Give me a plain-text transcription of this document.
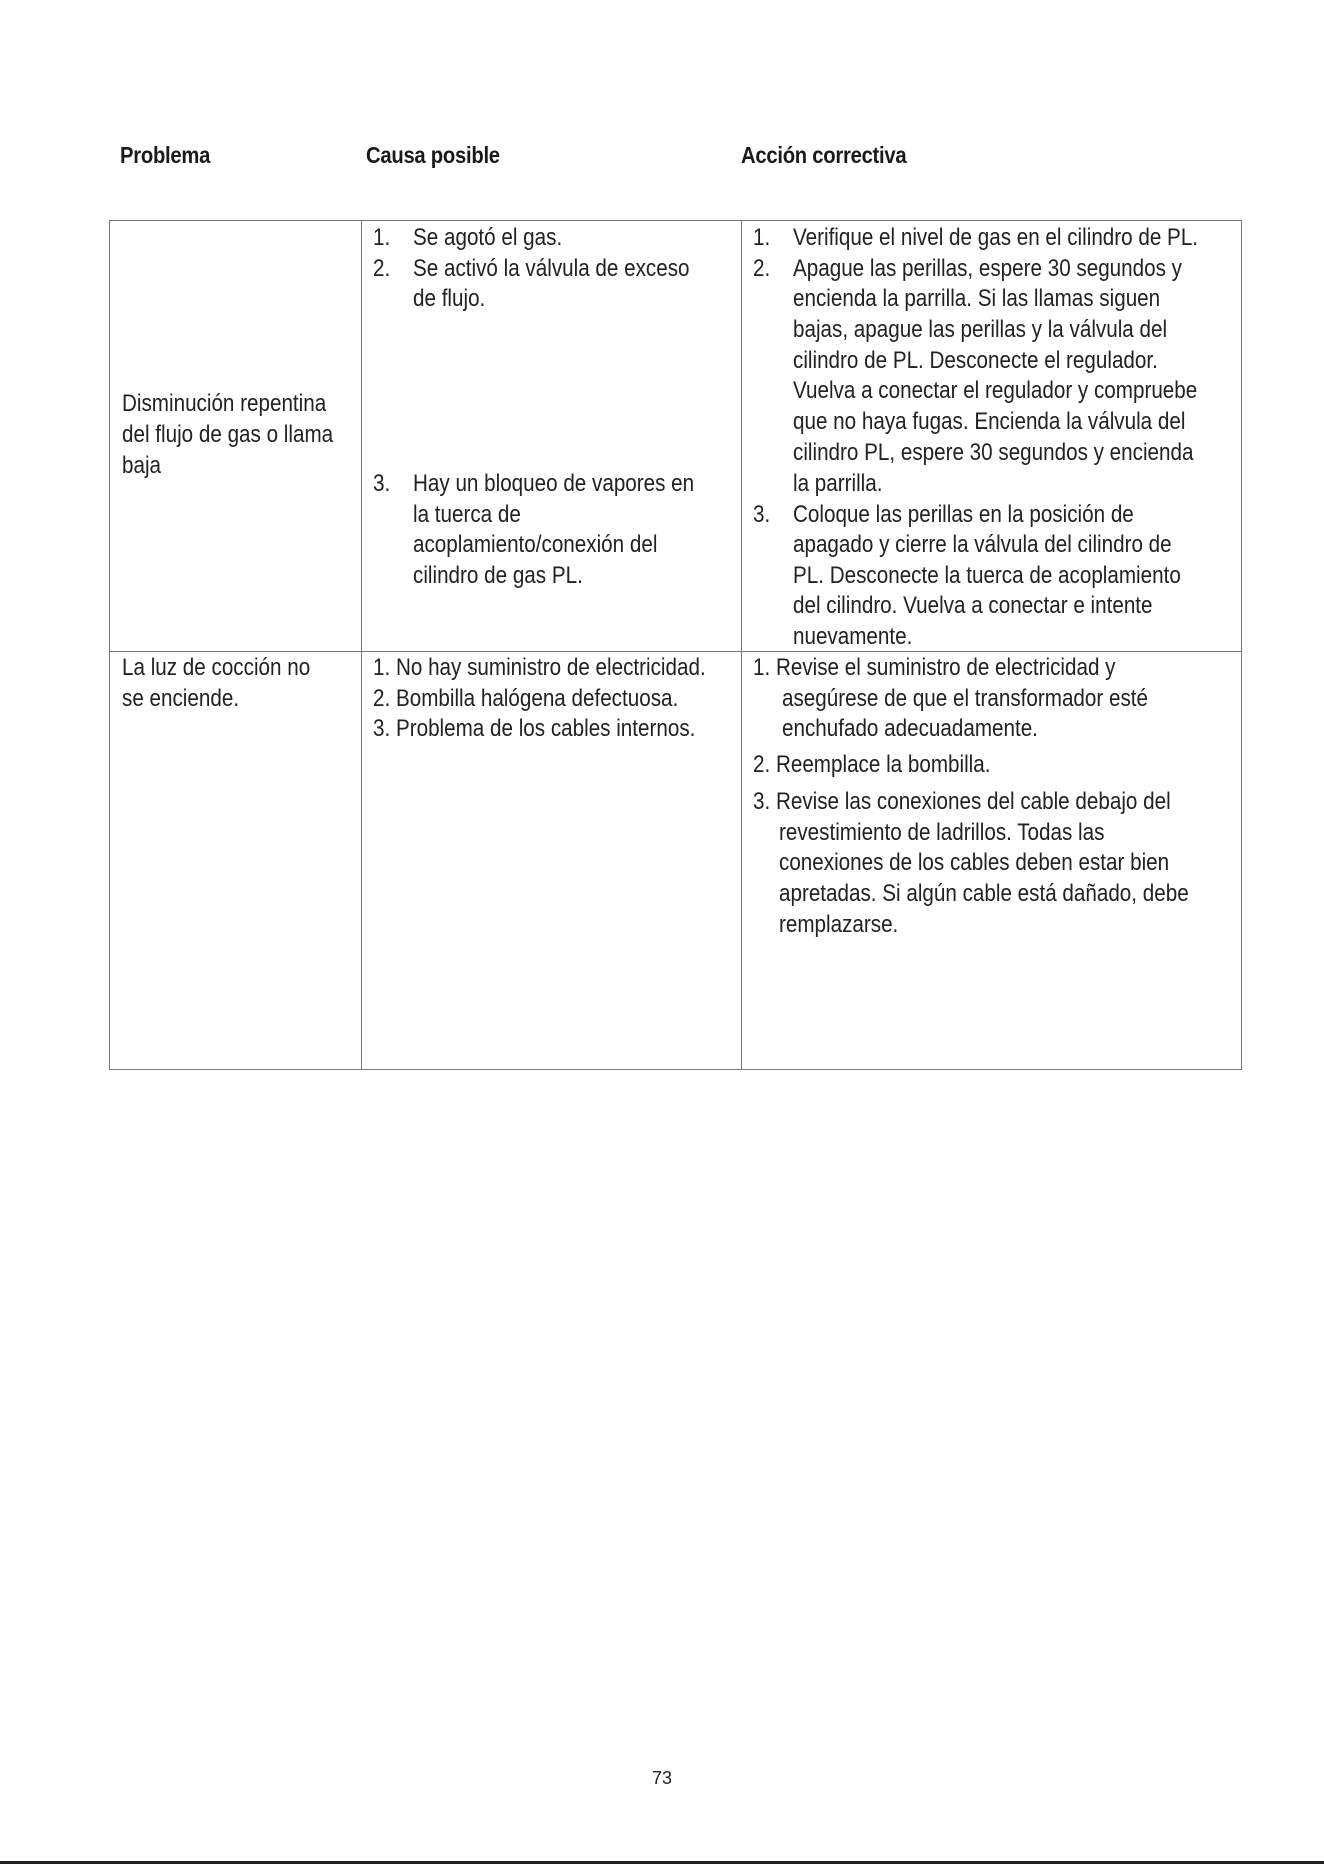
Problema	Causa posible	Acción correctiva
Disminución repentina
del flujo de gas o llama
baja
1. Se agotó el gas.
2. Se activó la válvula de exceso
de flujo.
3. Hay un bloqueo de vapores en
la tuerca de
acoplamiento/conexión del
cilindro de gas PL.
1. Verifique el nivel de gas en el cilindro de PL.
2. Apague las perillas, espere 30 segundos y
encienda la parrilla. Si las llamas siguen
bajas, apague las perillas y la válvula del
cilindro de PL. Desconecte el regulador.
Vuelva a conectar el regulador y compruebe
que no haya fugas. Encienda la válvula del
cilindro PL, espere 30 segundos y encienda
la parrilla.
3. Coloque las perillas en la posición de
apagado y cierre la válvula del cilindro de
PL. Desconecte la tuerca de acoplamiento
del cilindro. Vuelva a conectar e intente
nuevamente.
La luz de cocción no
se enciende.
1. No hay suministro de electricidad.
2. Bombilla halógena defectuosa.
3. Problema de los cables internos.
1. Revise el suministro de electricidad y
asegúrese de que el transformador esté
enchufado adecuadamente.
2. Reemplace la bombilla.
3. Revise las conexiones del cable debajo del
revestimiento de ladrillos. Todas las
conexiones de los cables deben estar bien
apretadas. Si algún cable está dañado, debe
remplazarse.
73
